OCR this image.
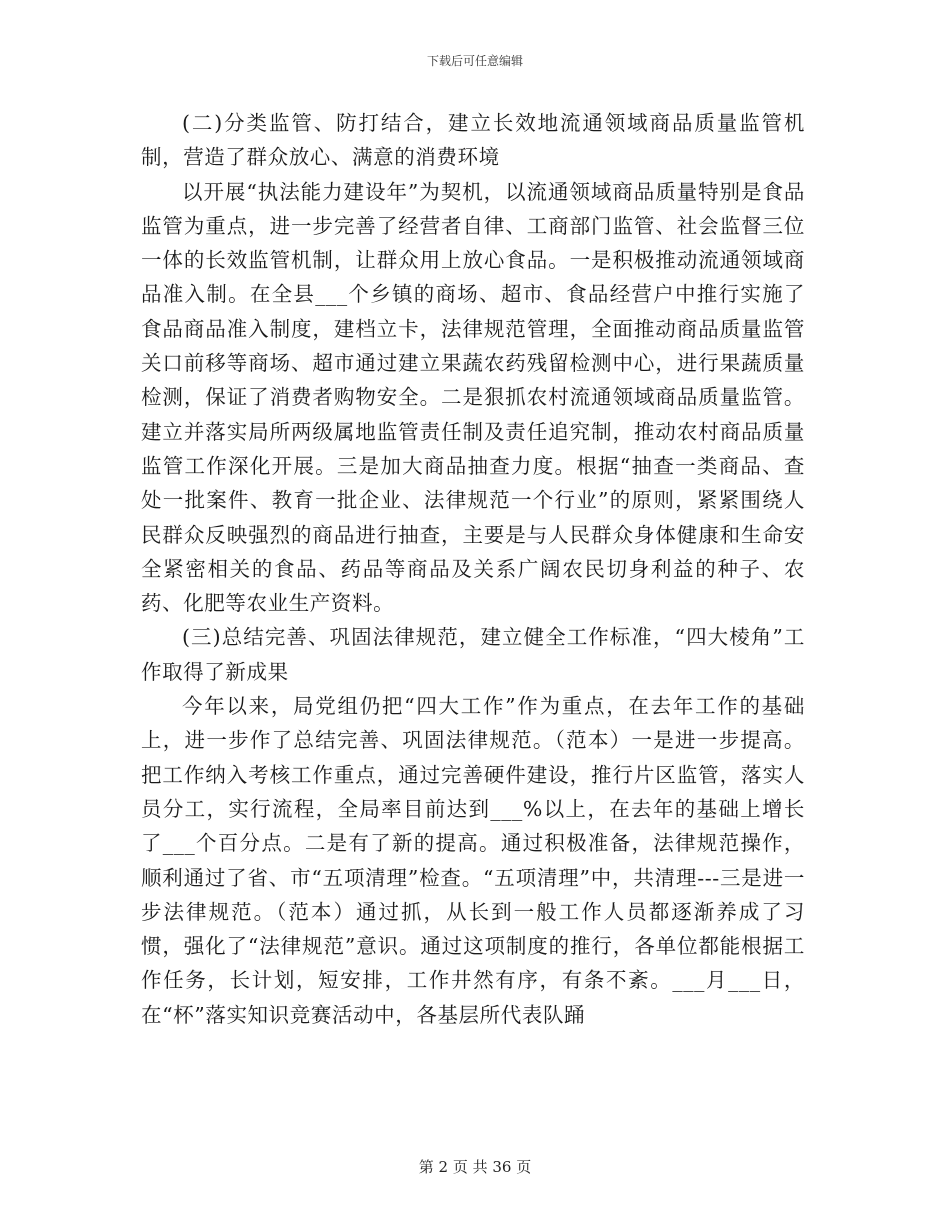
下载后可任意编辑

(二)分类监管、防打结合，建立长效地流通领域商品质量监管机制，营造了群众放心、满意的消费环境

以开展“执法能力建设年”为契机，以流通领域商品质量特别是食品监管为重点，进一步完善了经营者自律、工商部门监管、社会监督三位一体的长效监管机制，让群众用上放心食品。一是积极推动流通领域商品准入制。在全县___个乡镇的商场、超市、食品经营户中推行实施了食品商品准入制度，建档立卡，法律规范管理，全面推动商品质量监管关口前移等商场、超市通过建立果蔬农药残留检测中心，进行果蔬质量检测，保证了消费者购物安全。二是狠抓农村流通领域商品质量监管。建立并落实局所两级属地监管责任制及责任追究制，推动农村商品质量监管工作深化开展。三是加大商品抽查力度。根据“抽查一类商品、查处一批案件、教育一批企业、法律规范一个行业”的原则，紧紧围绕人民群众反映强烈的商品进行抽查，主要是与人民群众身体健康和生命安全紧密相关的食品、药品等商品及关系广阔农民切身利益的种子、农药、化肥等农业生产资料。

(三)总结完善、巩固法律规范，建立健全工作标准，“四大棱角”工作取得了新成果

今年以来，局党组仍把“四大工作”作为重点，在去年工作的基础上，进一步作了总结完善、巩固法律规范。（范本）一是进一步提高。把工作纳入考核工作重点，通过完善硬件建设，推行片区监管，落实人员分工，实行流程，全局率目前达到___%以上，在去年的基础上增长了___个百分点。二是有了新的提高。通过积极准备，法律规范操作，顺利通过了省、市“五项清理”检查。“五项清理”中，共清理---三是进一步法律规范。（范本）通过抓，从长到一般工作人员都逐渐养成了习惯，强化了“法律规范”意识。通过这项制度的推行，各单位都能根据工作任务，长计划，短安排，工作井然有序，有条不紊。___月___日，在“杯”落实知识竞赛活动中，各基层所代表队踊

第 2 页 共 36 页
